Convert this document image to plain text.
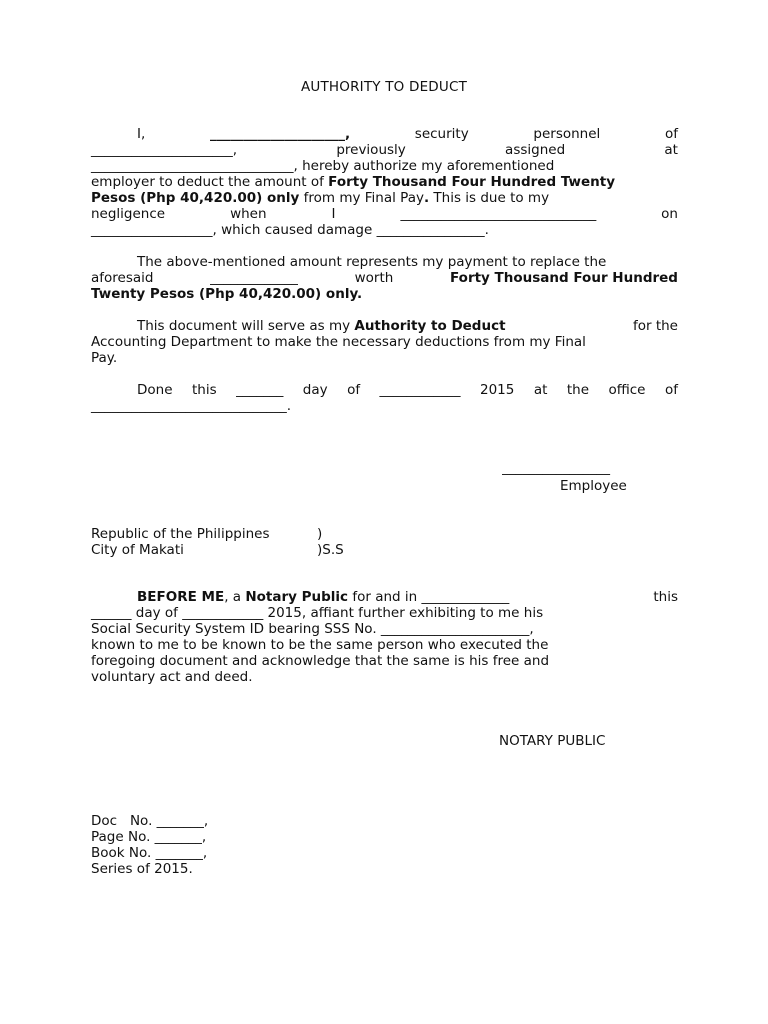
AUTHORITY TO DEDUCT
I,	____________________,	security	personnel	of
_____________________,	previously	assigned	at
______________________________, hereby authorize my aforementioned
employer to deduct the amount of Forty Thousand Four Hundred Twenty
Pesos (Php 40,420.00) only from my Final Pay. This is due to my
negligence	when	I	_____________________________	on
__________________, which caused damage ________________.
The above-mentioned amount represents my payment to replace the
aforesaid	_____________	worth	Forty Thousand Four Hundred
Twenty Pesos (Php 40,420.00) only.
This document will serve as my Authority to Deduct	for the
Accounting Department to make the necessary deductions from my Final
Pay.
Done this _______ day of ____________ 2015 at the office of
_____________________________.
________________
Employee
Republic of the Philippines	)
City of Makati	)S.S
BEFORE ME , a Notary Public for and in _____________	this
______ day of ____________ 2015, affiant further exhibiting to me his
Social Security System ID bearing SSS No. ______________________,
known to me to be known to be the same person who executed the
foregoing document and acknowledge that the same is his free and
voluntary act and deed.
NOTARY PUBLIC
Doc   No. _______,
Page No. _______,
Book No. _______,
Series of 2015.
